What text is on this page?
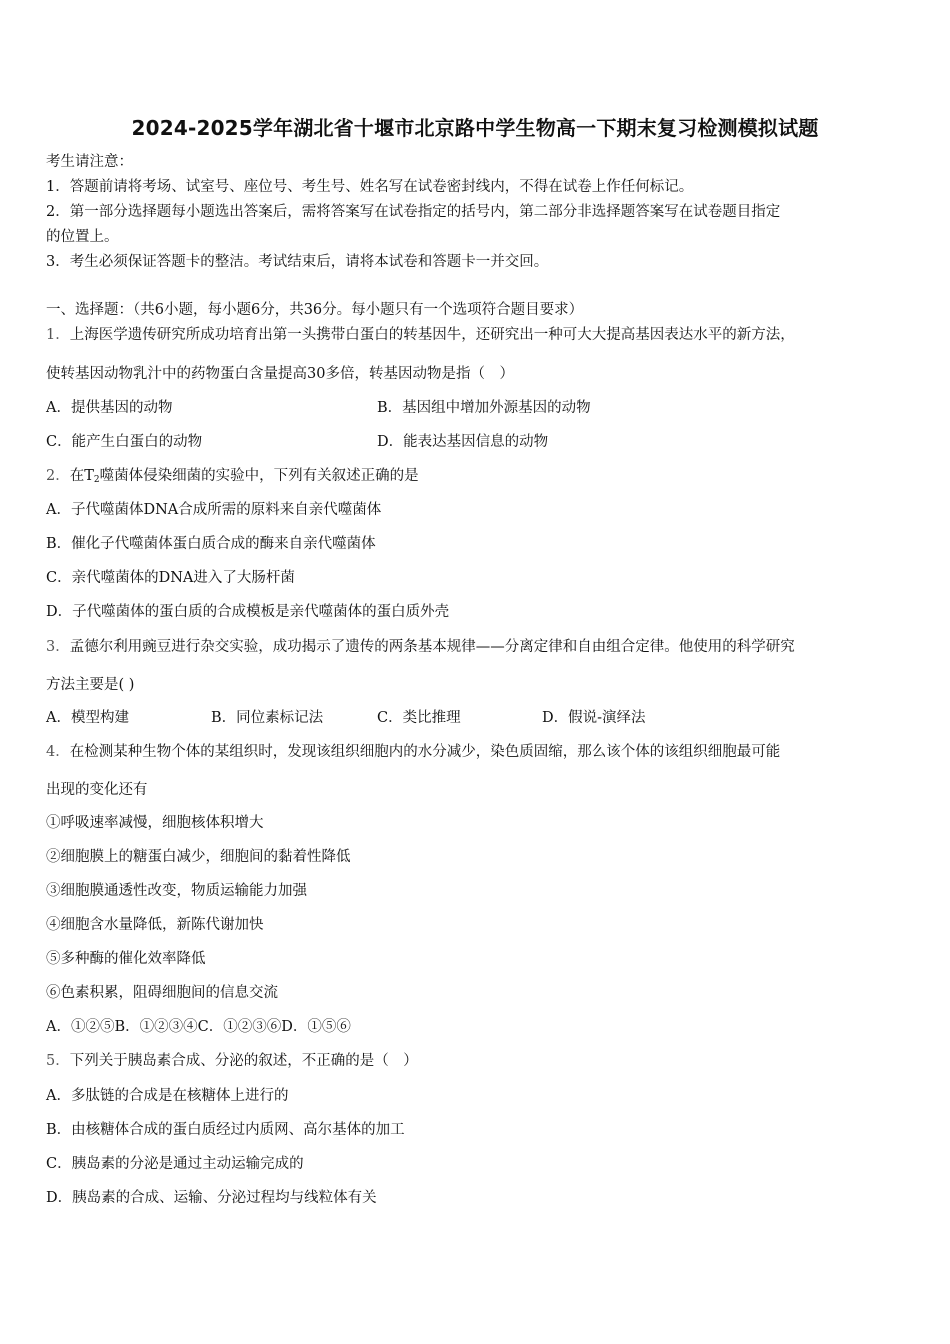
2024-2025学年湖北省十堰市北京路中学生物高一下期末复习检测模拟试题
考生请注意：
1．答题前请将考场、试室号、座位号、考生号、姓名写在试卷密封线内，不得在试卷上作任何标记。
2．第一部分选择题每小题选出答案后，需将答案写在试卷指定的括号内，第二部分非选择题答案写在试卷题目指定
的位置上。
3．考生必须保证答题卡的整洁。考试结束后，请将本试卷和答题卡一并交回。
一、选择题：（共6小题，每小题6分，共36分。每小题只有一个选项符合题目要求）
1．上海医学遗传研究所成功培育出第一头携带白蛋白的转基因牛，还研究出一种可大大提高基因表达水平的新方法，
使转基因动物乳汁中的药物蛋白含量提高30多倍，转基因动物是指（　）
A．提供基因的动物	B．基因组中增加外源基因的动物
C．能产生白蛋白的动物	D．能表达基因信息的动物
2．在$T_2$噬菌体侵染细菌的实验中，下列有关叙述正确的是
A．子代噬菌体DNA合成所需的原料来自亲代噬菌体
B．催化子代噬菌体蛋白质合成的酶来自亲代噬菌体
C．亲代噬菌体的DNA进入了大肠杆菌
D．子代噬菌体的蛋白质的合成模板是亲代噬菌体的蛋白质外壳
3．孟德尔利用豌豆进行杂交实验，成功揭示了遗传的两条基本规律——分离定律和自由组合定律。他使用的科学研究
方法主要是( )
A．模型构建	B．同位素标记法	C．类比推理	D．假说-演绎法
4．在检测某种生物个体的某组织时，发现该组织细胞内的水分减少，染色质固缩，那么该个体的该组织细胞最可能
出现的变化还有
①呼吸速率减慢，细胞核体积增大
②细胞膜上的糖蛋白减少，细胞间的黏着性降低
③细胞膜通透性改变，物质运输能力加强
④细胞含水量降低，新陈代谢加快
⑤多种酶的催化效率降低
⑥色素积累，阻碍细胞间的信息交流
A．①②⑤B．①②③④C．①②③⑥D．①⑤⑥
5．下列关于胰岛素合成、分泌的叙述，不正确的是（　）
A．多肽链的合成是在核糖体上进行的
B．由核糖体合成的蛋白质经过内质网、高尔基体的加工
C．胰岛素的分泌是通过主动运输完成的
D．胰岛素的合成、运输、分泌过程均与线粒体有关
